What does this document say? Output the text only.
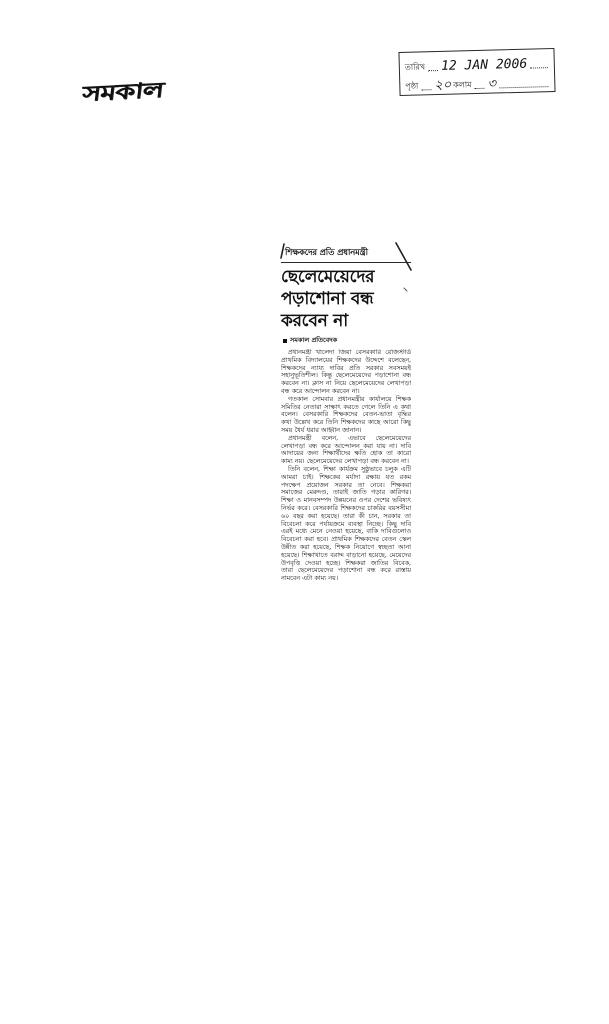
সমকাল
তারিখ 12 JAN 2006
পৃষ্ঠা ২০ কলাম ৩
শিক্ষকদের প্রতি প্রধানমন্ত্রী
ছেলেমেয়েদের
পড়াশোনা বন্ধ
করবেন না
সমকাল প্রতিবেদক

প্রধানমন্ত্রী খালেদা জিয়া বেসরকারি রেজিস্টার্ড প্রাথমিক বিদ্যালয়ের শিক্ষকদের উদ্দেশে বলেছেন, শিক্ষকদের ন্যায্য দাবির প্রতি সরকার সবসময়ই সহানুভূতিশীল। কিন্তু ছেলেমেয়েদের পড়াশোনা বন্ধ করবেন না। ক্লাস না নিয়ে ছেলেমেয়েদের লেখাপড়া বন্ধ করে আন্দোলন করবেন না।

গতকাল সোমবার প্রধানমন্ত্রীর কার্যালয়ে শিক্ষক সমিতির নেতারা সাক্ষাৎ করতে গেলে তিনি এ কথা বলেন। বেসরকারি শিক্ষকদের বেতন-ভাতা বৃদ্ধির কথা উল্লেখ করে তিনি শিক্ষকদের কাছে আরো কিছু সময় ধৈর্য ধরার আহ্বান জানান।

প্রধানমন্ত্রী বলেন, এভাবে ছেলেমেয়েদের লেখাপড়া বন্ধ করে আন্দোলন করা যায় না। দাবি আদায়ের জন্য শিক্ষার্থীদের ক্ষতি হোক তা কারো কাম্য নয়। ছেলেমেয়েদের লেখাপড়া বন্ধ করবেন না।

তিনি বলেন, শিক্ষা কার্যক্রম সুষ্ঠুভাবে চলুক এটি আমরা চাই। শিক্ষকের মর্যাদা রক্ষায় যত রকম পদক্ষেপ প্রয়োজন সরকার তা নেবে। শিক্ষকরা সমাজের মেরুদণ্ড, তারাই জাতি গড়ার কারিগর। শিক্ষা ও মানবসম্পদ উন্নয়নের ওপর দেশের ভবিষ্যৎ নির্ভর করে। বেসরকারি শিক্ষকদের চাকরির বয়সসীমা ৬০ বছর করা হয়েছে। তারা কী চান, সরকার তা বিবেচনা করে পর্যায়ক্রমে ব্যবস্থা নিচ্ছে। কিছু দাবি এরই মধ্যে মেনে নেওয়া হয়েছে, বাকি দাবিগুলোও বিবেচনা করা হবে। প্রাথমিক শিক্ষকদের বেতন স্কেল উন্নীত করা হয়েছে, শিক্ষক নিয়োগে স্বচ্ছতা আনা হয়েছে। শিক্ষাখাতে বরাদ্দ বাড়ানো হয়েছে, মেয়েদের উপবৃত্তি দেওয়া হচ্ছে। শিক্ষকরা জাতির বিবেক, তারা ছেলেমেয়েদের পড়াশোনা বন্ধ করে রাস্তায় নামবেন এটা কাম্য নয়।
